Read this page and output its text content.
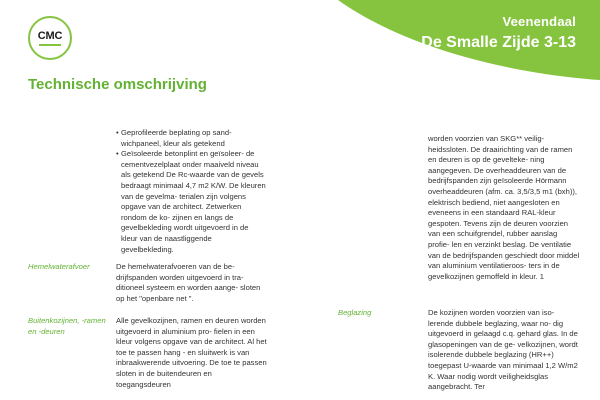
Veenendaal
De Smalle Zijde 3-13
CMC
Technische omschrijving
• Geprofileerde beplating op sand- wichpaneel, kleur als getekend
• Geïsoleerde betonplint en geïsoleer- de cementvezelplaat onder maaiveld niveau als getekend De Rc-waarde van de gevels bedraagt minimaal 4,7 m2 K/W. De kleuren van de gevelma- terialen zijn volgens opgave van de architect. Zetwerken rondom de ko- zijnen en langs de gevelbekleding wordt uitgevoerd in de kleur van de naastliggende gevelbekleding.
Hemelwaterafvoer	De hemelwaterafvoeren van de be- drijfspanden worden uitgevoerd in tra- ditioneel systeem en worden aange- sloten op het "openbare net ".
Buitenkozijnen, -ramen en -deuren
Alle gevelkozijnen, ramen en deuren worden uitgevoerd in aluminium pro- fielen in een kleur volgens opgave van de architect. Al het toe te passen hang - en sluitwerk is van inbraakwerende uitvoering. De toe te passen sloten in de buitendeuren en toegangsdeuren
worden voorzien van SKG** veilig- heidssloten. De draairichting van de ramen en deuren is op de geveltеke- ning aangegeven. De overheaddeuren van de bedrijfspanden zijn geïsoleerde Hörmann overheaddeuren (afm. ca. 3,5/3,5 m1 (bxh)), elektrisch bediend, niet aangesloten en eveneens in een standaard RAL-kleur gespoten. Tevens zijn de deuren voorzien van een schuifgrendel, rubber aanslag profie- len en verzinkt beslag. De ventilatie van de bedrijfspanden geschiedt door middel van aluminium ventilatieroos- ters in de gevelkozijnen gemoffeld in kleur. 1
Beglazing	De kozijnen worden voorzien van iso- lerende dubbele beglazing, waar no- dig uitgevoerd in gelaagd c.q. gehard glas. In de glasopeningen van de ge- velkozijnen, wordt isolerende dubbele beglazing (HR++) toegepast U-waarde van minimaal 1,2 W/m2 K. Waar nodig wordt veiligheidsglas aangebracht. Ter
